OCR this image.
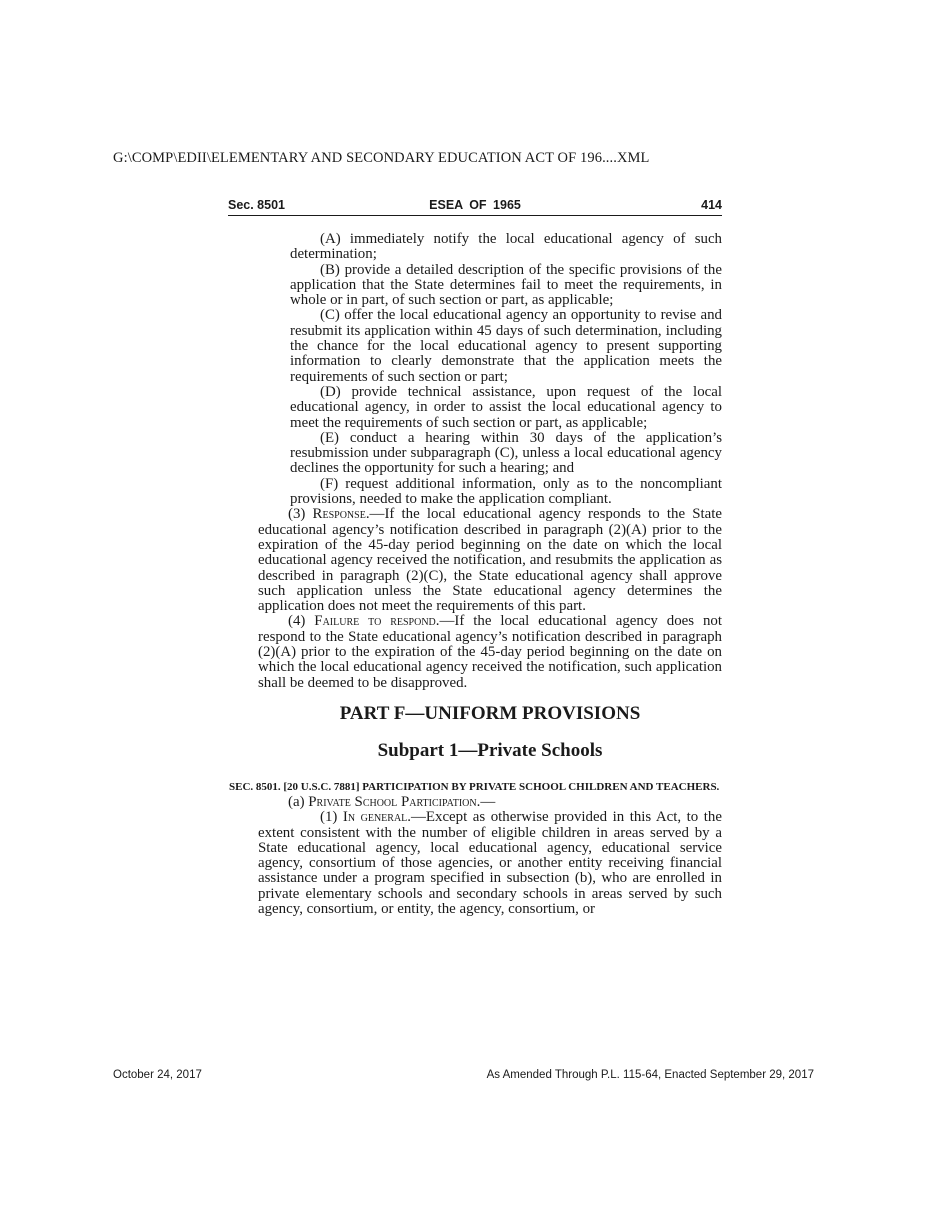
G:\COMP\EDII\ELEMENTARY AND SECONDARY EDUCATION ACT OF 196....XML
Sec. 8501	ESEA OF 1965	414

(A) immediately notify the local educational agency of such determination;

(B) provide a detailed description of the specific provisions of the application that the State determines fail to meet the requirements, in whole or in part, of such section or part, as applicable;

(C) offer the local educational agency an opportunity to revise and resubmit its application within 45 days of such determination, including the chance for the local educational agency to present supporting information to clearly demonstrate that the application meets the requirements of such section or part;

(D) provide technical assistance, upon request of the local educational agency, in order to assist the local educational agency to meet the requirements of such section or part, as applicable;

(E) conduct a hearing within 30 days of the application’s resubmission under subparagraph (C), unless a local educational agency declines the opportunity for such a hearing; and

(F) request additional information, only as to the noncompliant provisions, needed to make the application compliant.

(3) Response.—If the local educational agency responds to the State educational agency’s notification described in paragraph (2)(A) prior to the expiration of the 45-day period beginning on the date on which the local educational agency received the notification, and resubmits the application as described in paragraph (2)(C), the State educational agency shall approve such application unless the State educational agency determines the application does not meet the requirements of this part.

(4) Failure to respond.—If the local educational agency does not respond to the State educational agency’s notification described in paragraph (2)(A) prior to the expiration of the 45-day period beginning on the date on which the local educational agency received the notification, such application shall be deemed to be disapproved.

PART F—UNIFORM PROVISIONS
Subpart 1—Private Schools
SEC. 8501. [20 U.S.C. 7881] PARTICIPATION BY PRIVATE SCHOOL CHILDREN AND TEACHERS.

(a) Private School Participation.—

(1) In general.—Except as otherwise provided in this Act, to the extent consistent with the number of eligible children in areas served by a State educational agency, local educational agency, educational service agency, consortium of those agencies, or another entity receiving financial assistance under a program specified in subsection (b), who are enrolled in private elementary schools and secondary schools in areas served by such agency, consortium, or entity, the agency, consortium, or

October 24, 2017	As Amended Through P.L. 115-64, Enacted September 29, 2017
